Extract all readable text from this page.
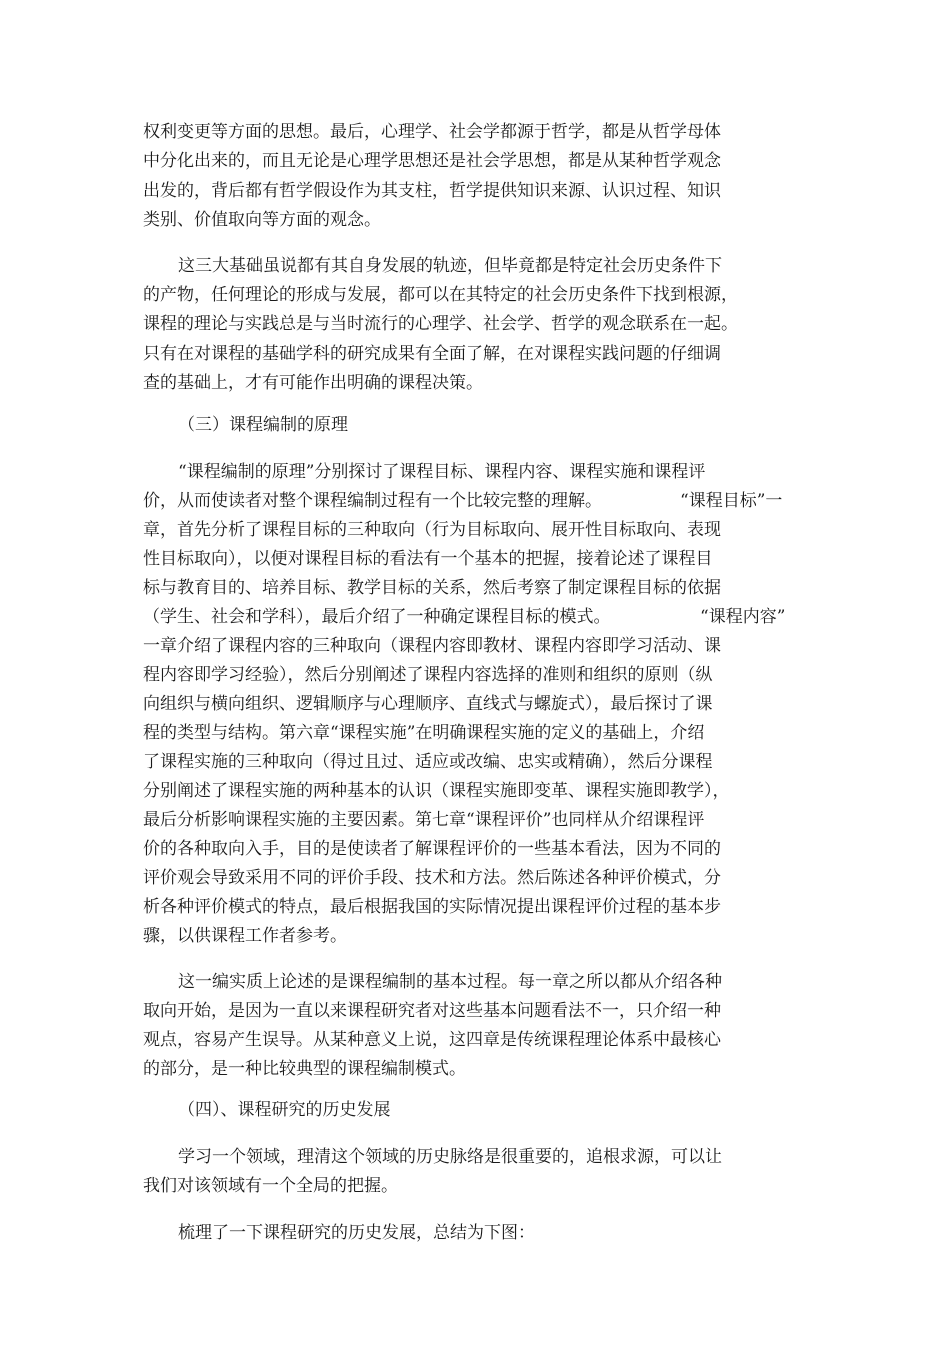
权利变更等方面的思想。最后，心理学、社会学都源于哲学，都是从哲学母体
中分化出来的，而且无论是心理学思想还是社会学思想，都是从某种哲学观念
出发的，背后都有哲学假设作为其支柱，哲学提供知识来源、认识过程、知识
类别、价值取向等方面的观念。
这三大基础虽说都有其自身发展的轨迹，但毕竟都是特定社会历史条件下
的产物，任何理论的形成与发展，都可以在其特定的社会历史条件下找到根源，
课程的理论与实践总是与当时流行的心理学、社会学、哲学的观念联系在一起。
只有在对课程的基础学科的研究成果有全面了解，在对课程实践问题的仔细调
查的基础上，才有可能作出明确的课程决策。
（三）课程编制的原理
“课程编制的原理”分别探讨了课程目标、课程内容、课程实施和课程评
价，从而使读者对整个课程编制过程有一个比较完整的理解。	“课程目标”一
章，首先分析了课程目标的三种取向（行为目标取向、展开性目标取向、表现
性目标取向），以便对课程目标的看法有一个基本的把握，接着论述了课程目
标与教育目的、培养目标、教学目标的关系，然后考察了制定课程目标的依据
（学生、社会和学科），最后介绍了一种确定课程目标的模式。	“课程内容”
一章介绍了课程内容的三种取向（课程内容即教材、课程内容即学习活动、课
程内容即学习经验），然后分别阐述了课程内容选择的准则和组织的原则（纵
向组织与横向组织、逻辑顺序与心理顺序、直线式与螺旋式），最后探讨了课
程的类型与结构。第六章“课程实施”在明确课程实施的定义的基础上，介绍
了课程实施的三种取向（得过且过、适应或改编、忠实或精确），然后分课程
分别阐述了课程实施的两种基本的认识（课程实施即变革、课程实施即教学），
最后分析影响课程实施的主要因素。第七章“课程评价”也同样从介绍课程评
价的各种取向入手，目的是使读者了解课程评价的一些基本看法，因为不同的
评价观会导致采用不同的评价手段、技术和方法。然后陈述各种评价模式，分
析各种评价模式的特点，最后根据我国的实际情况提出课程评价过程的基本步
骤，以供课程工作者参考。
这一编实质上论述的是课程编制的基本过程。每一章之所以都从介绍各种
取向开始，是因为一直以来课程研究者对这些基本问题看法不一，只介绍一种
观点，容易产生误导。从某种意义上说，这四章是传统课程理论体系中最核心
的部分，是一种比较典型的课程编制模式。
（四）、课程研究的历史发展
学习一个领域，理清这个领域的历史脉络是很重要的，追根求源，可以让
我们对该领域有一个全局的把握。
梳理了一下课程研究的历史发展，总结为下图：
